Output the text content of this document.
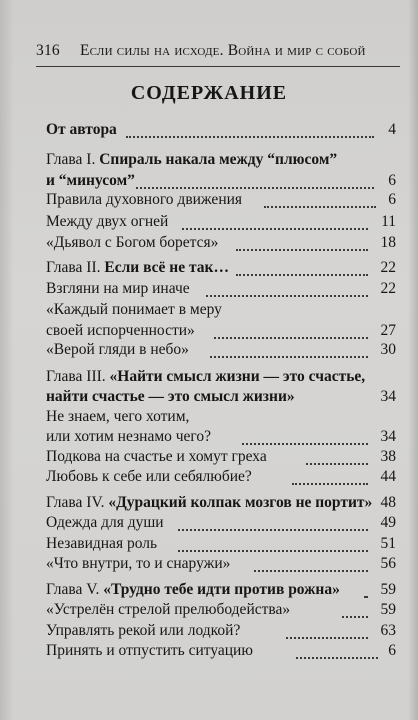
316 Если силы на исходе. Война и мир с собой
СОДЕРЖАНИЕ
От автора	4
Глава I. Спираль накала между “плюсом”
и “минусом”	6
Правила духовного движения	6
Между двух огней	11
«Дьявол с Богом борется»	18
Глава II. Если всё не так…	22
Взгляни на мир иначе	22
«Каждый понимает в меру
своей испорченности»	27
«Верой гляди в небо»	30
Глава III. «Найти смысл жизни — это счастье,
найти счастье — это смысл жизни»	34
Не знаем, чего хотим,
или хотим незнамо чего?	34
Подкова на счастье и хомут греха	38
Любовь к себе или себялюбие?	44
Глава IV. «Дурацкий колпак мозгов не портит» 48
Одежда для души	49
Незавидная роль	51
«Что внутри, то и снаружи»	56
Глава V. «Трудно тебе идти против рожна»	59
«Устрелён стрелой прелюбодейства»	59
Управлять рекой или лодкой?	63
Принять и отпустить ситуацию	6
